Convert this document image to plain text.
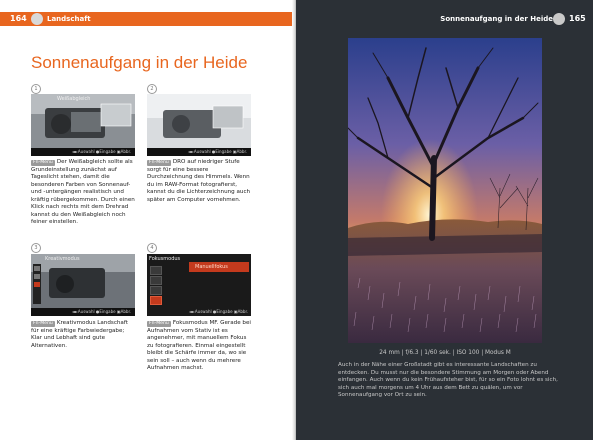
164	Landschaft
Sonnenaufgang in der Heide
1
Weißabgleich
◄►Auswahl ●Eingabe ▣Abbr.

Fn-Menü Der Weißabgleich sollte als Grundeinstellung zunächst auf Tageslicht stehen, damit die besonderen Farben von Sonnenauf- und -untergängen realistisch und kräftig rübergekommen. Durch einen Klick nach rechts mit dem Drehrad kannst du den Weißabgleich noch feiner einstellen.

2
◄►Auswahl ●Eingabe ▣Abbr.

Fn-Menü DRO auf niedriger Stufe sorgt für eine bessere Durchzeichnung des Himmels. Wenn du im RAW-Format fotografierst, kannst du die Lichterzeichnung auch später am Computer vornehmen.

3
Kreativmodus
◄►Auswahl ●Eingabe ▣Abbr.

Fn-Menü Kreativmodus Landschaft für eine kräftige Farbwiedergabe; Klar und Lebhaft sind gute Alternativen.

4
Fokusmodus
Manuellfokus
◄►Auswahl ●Eingabe ▣Abbr.

Fn-Menü Fokusmodus MF. Gerade bei Aufnahmen vom Stativ ist es angenehmer, mit manuellem Fokus zu fotografieren. Einmal eingestellt bleibt die Schärfe immer da, wo sie sein soll – auch wenn du mehrere Aufnahmen machst.

Sonnenaufgang in der Heide 165
24 mm | f/6.3 | 1/60 sek. | ISO 100 | Modus M
Auch in der Nähe einer Großstadt gibt es interessante Landschaften zu entdecken. Du musst nur die besondere Stimmung am Morgen oder Abend einfangen. Auch wenn du kein Frühaufsteher bist, für so ein Foto lohnt es sich, sich auch mal morgens um 4 Uhr aus dem Bett zu quälen, um vor Sonnenaufgang vor Ort zu sein.
